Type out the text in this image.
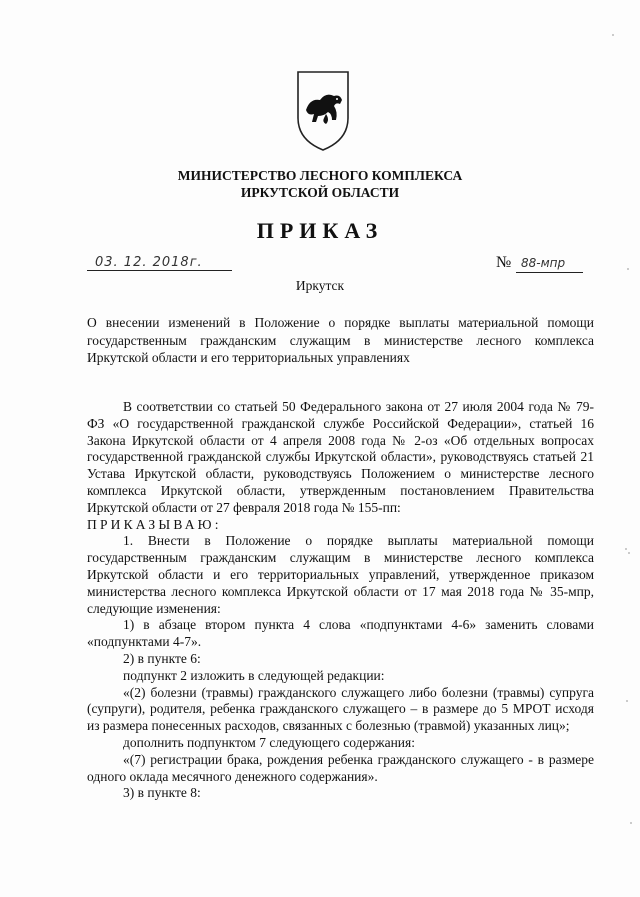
МИНИСТЕРСТВО ЛЕСНОГО КОМПЛЕКСА
ИРКУТСКОЙ ОБЛАСТИ
ПРИКАЗ
03. 12. 2018г.	№ 88-мпр
Иркутск
О внесении изменений в Положение о порядке выплаты материальной помощи государственным гражданским служащим в министерстве лесного комплекса Иркутской области и его территориальных управлениях

В соответствии со статьей 50 Федерального закона от 27 июля 2004 года № 79-ФЗ «О государственной гражданской службе Российской Федерации», статьей 16 Закона Иркутской области от 4 апреля 2008 года № 2-оз «Об отдельных вопросах государственной гражданской службы Иркутской области», руководствуясь статьей 21 Устава Иркутской области, руководствуясь Положением о министерстве лесного комплекса Иркутской области, утвержденным постановлением Правительства Иркутской области от 27 февраля 2018 года № 155-пп:

ПРИКАЗЫВАЮ:

1. Внести в Положение о порядке выплаты материальной помощи государственным гражданским служащим в министерстве лесного комплекса Иркутской области и его территориальных управлений, утвержденное приказом министерства лесного комплекса Иркутской области от 17 мая 2018 года № 35-мпр, следующие изменения:

1) в абзаце втором пункта 4 слова «подпунктами 4-6» заменить словами «подпунктами 4-7».

2) в пункте 6:

подпункт 2 изложить в следующей редакции:

«(2) болезни (травмы) гражданского служащего либо болезни (травмы) супруга (супруги), родителя, ребенка гражданского служащего – в размере до 5 МРОТ исходя из размера понесенных расходов, связанных с болезнью (травмой) указанных лиц»;

дополнить подпунктом 7 следующего содержания:

«(7) регистрации брака, рождения ребенка гражданского служащего - в размере одного оклада месячного денежного содержания».

3) в пункте 8:
